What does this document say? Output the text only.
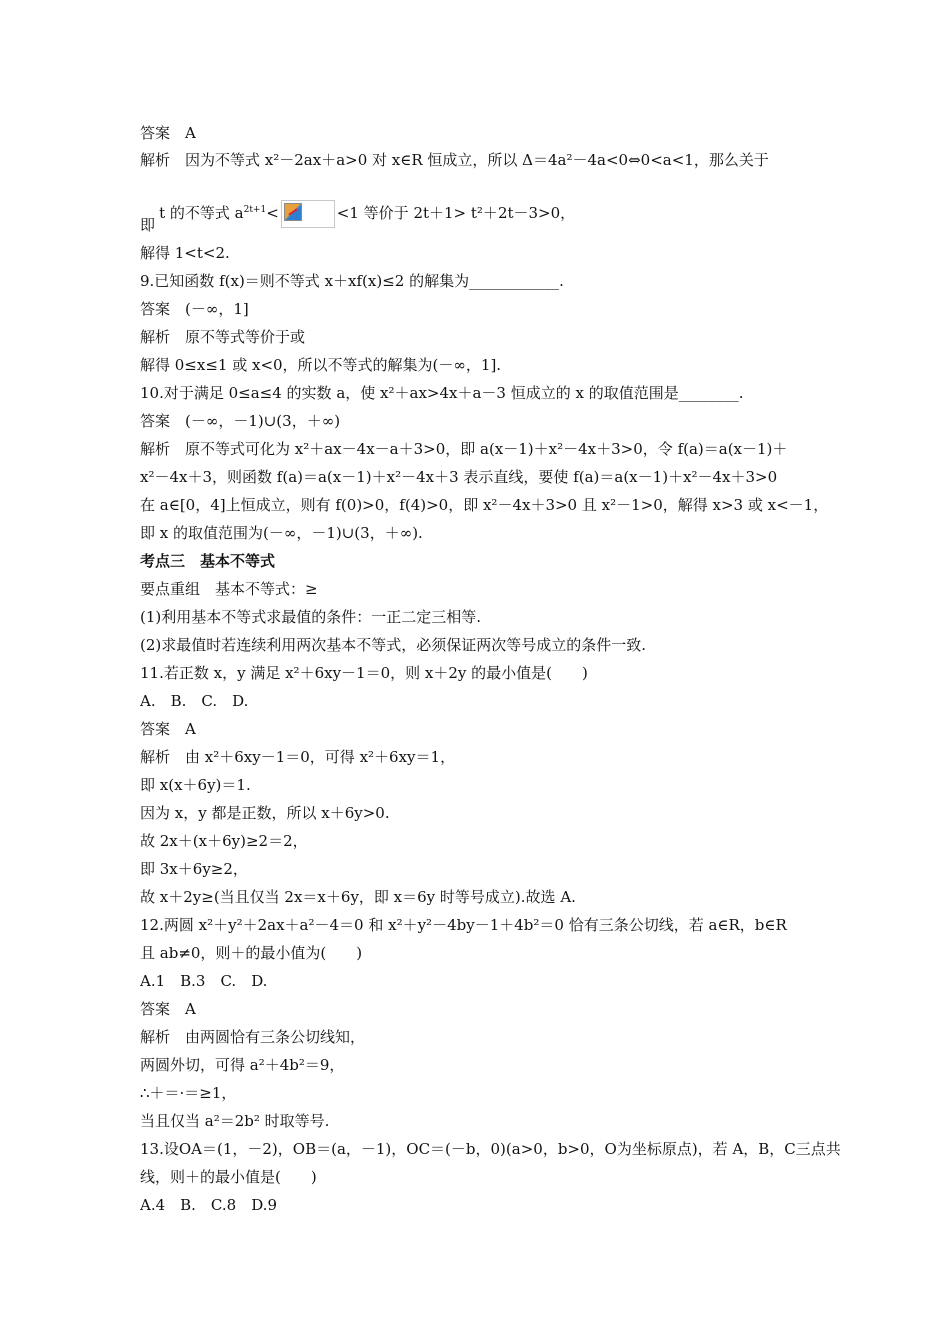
答案　A
解析　因为不等式 x²－2ax＋a>0 对 x∈R 恒成立，所以 Δ＝4a²－4a<0⇔0<a<1，那么关于

t 的不等式 $a^{2t+1}<$	<1 等价于 2t＋1> t²＋2t－3>0，

即
解得 1<t<2.
9.已知函数 f(x)＝则不等式 x＋xf(x)≤2 的解集为____________.
答案　(－∞，1]
解析　原不等式等价于或
解得 0≤x≤1 或 x<0，所以不等式的解集为(－∞，1].
10.对于满足 0≤a≤4 的实数 a，使 x²＋ax>4x＋a－3 恒成立的 x 的取值范围是________.
答案　(－∞，－1)∪(3，＋∞)
解析　原不等式可化为 x²＋ax－4x－a＋3>0，即 a(x－1)＋x²－4x＋3>0，令 f(a)＝a(x－1)＋
x²－4x＋3，则函数 f(a)＝a(x－1)＋x²－4x＋3 表示直线，要使 f(a)＝a(x－1)＋x²－4x＋3>0
在 a∈[0，4]上恒成立，则有 f(0)>0，f(4)>0，即 x²－4x＋3>0 且 x²－1>0，解得 x>3 或 x<－1，
即 x 的取值范围为(－∞，－1)∪(3，＋∞).
考点三　基本不等式
要点重组　基本不等式：≥
(1)利用基本不等式求最值的条件：一正二定三相等.
(2)求最值时若连续利用两次基本不等式，必须保证两次等号成立的条件一致.
11.若正数 x，y 满足 x²＋6xy－1＝0，则 x＋2y 的最小值是(　　)
A.　B.　C.　D.
答案　A
解析　由 x²＋6xy－1＝0，可得 x²＋6xy＝1，
即 x(x＋6y)＝1.
因为 x，y 都是正数，所以 x＋6y>0.
故 2x＋(x＋6y)≥2＝2，
即 3x＋6y≥2，
故 x＋2y≥(当且仅当 2x＝x＋6y，即 x＝6y 时等号成立).故选 A.
12.两圆 x²＋y²＋2ax＋a²－4＝0 和 x²＋y²－4by－1＋4b²＝0 恰有三条公切线，若 a∈R，b∈R
且 ab≠0，则＋的最小值为(　　)
A.1　B.3　C.　D.
答案　A
解析　由两圆恰有三条公切线知，
两圆外切，可得 a²＋4b²＝9，
∴＋＝·＝≥1，
当且仅当 a²＝2b² 时取等号.
13.设OA＝(1，－2)，OB＝(a，－1)，OC＝(－b，0)(a>0，b>0，O为坐标原点)，若 A，B，C三点共
线，则＋的最小值是(　　)
A.4　B.　C.8　D.9
